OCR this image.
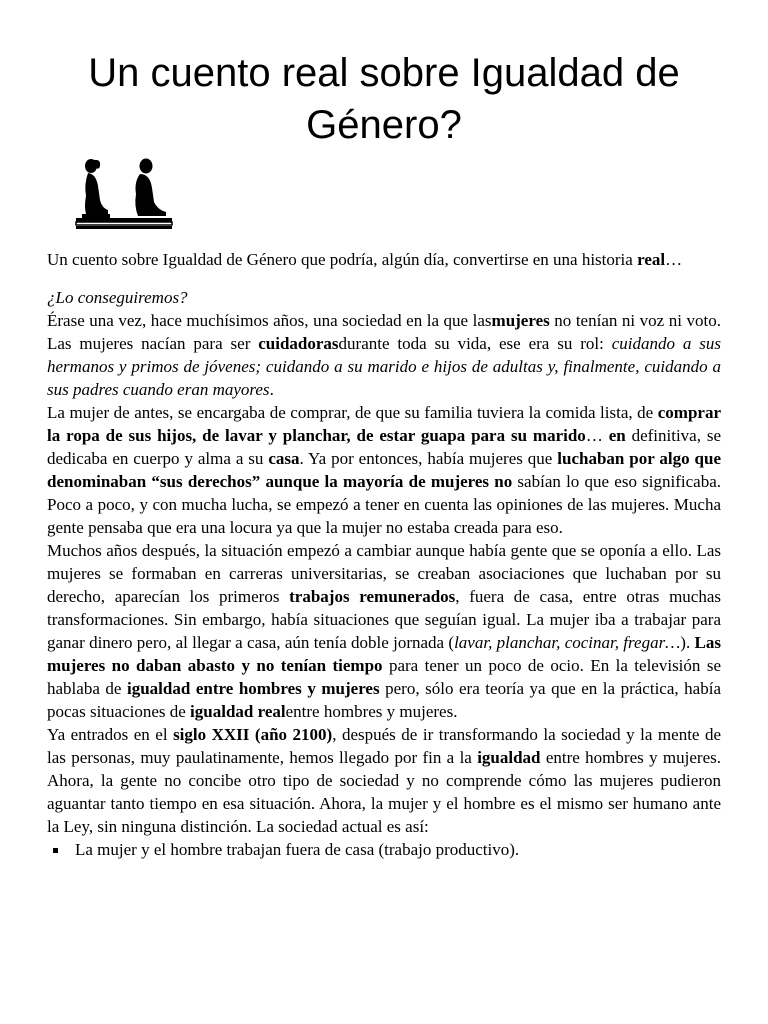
Un cuento real sobre Igualdad de
Género?

Un cuento sobre Igualdad de Género que podría, algún día, convertirse en una historia real…

¿Lo conseguiremos?

Érase una vez, hace muchísimos años, una sociedad en la que lasmujeres no tenían ni voz ni voto. Las mujeres nacían para ser cuidadorasdurante toda su vida, ese era su rol: cuidando a sus hermanos y primos de jóvenes; cuidando a su marido e hijos de adultas y, finalmente, cuidando a sus padres cuando eran mayores.

La mujer de antes, se encargaba de comprar, de que su familia tuviera la comida lista, de comprar la ropa de sus hijos, de lavar y planchar, de estar guapa para su marido… en definitiva, se dedicaba en cuerpo y alma a su casa. Ya por entonces, había mujeres que luchaban por algo que denominaban “sus derechos” aunque la mayoría de mujeres no sabían lo que eso significaba. Poco a poco, y con mucha lucha, se empezó a tener en cuenta las opiniones de las mujeres. Mucha gente pensaba que era una locura ya que la mujer no estaba creada para eso.

Muchos años después, la situación empezó a cambiar aunque había gente que se oponía a ello. Las mujeres se formaban en carreras universitarias, se creaban asociaciones que luchaban por su derecho, aparecían los primeros trabajos remunerados, fuera de casa, entre otras muchas transformaciones. Sin embargo, había situaciones que seguían igual. La mujer iba a trabajar para ganar dinero pero, al llegar a casa, aún tenía doble jornada (lavar, planchar, cocinar, fregar…). Las mujeres no daban abasto y no tenían tiempo para tener un poco de ocio. En la televisión se hablaba de igualdad entre hombres y mujeres pero, sólo era teoría ya que en la práctica, había pocas situaciones de igualdad realentre hombres y mujeres.

Ya entrados en el siglo XXII (año 2100), después de ir transformando la sociedad y la mente de las personas, muy paulatinamente, hemos llegado por fin a la igualdad entre hombres y mujeres. Ahora, la gente no concibe otro tipo de sociedad y no comprende cómo las mujeres pudieron aguantar tanto tiempo en esa situación. Ahora, la mujer y el hombre es el mismo ser humano ante la Ley, sin ninguna distinción. La sociedad actual es así:

La mujer y el hombre trabajan fuera de casa (trabajo productivo).
